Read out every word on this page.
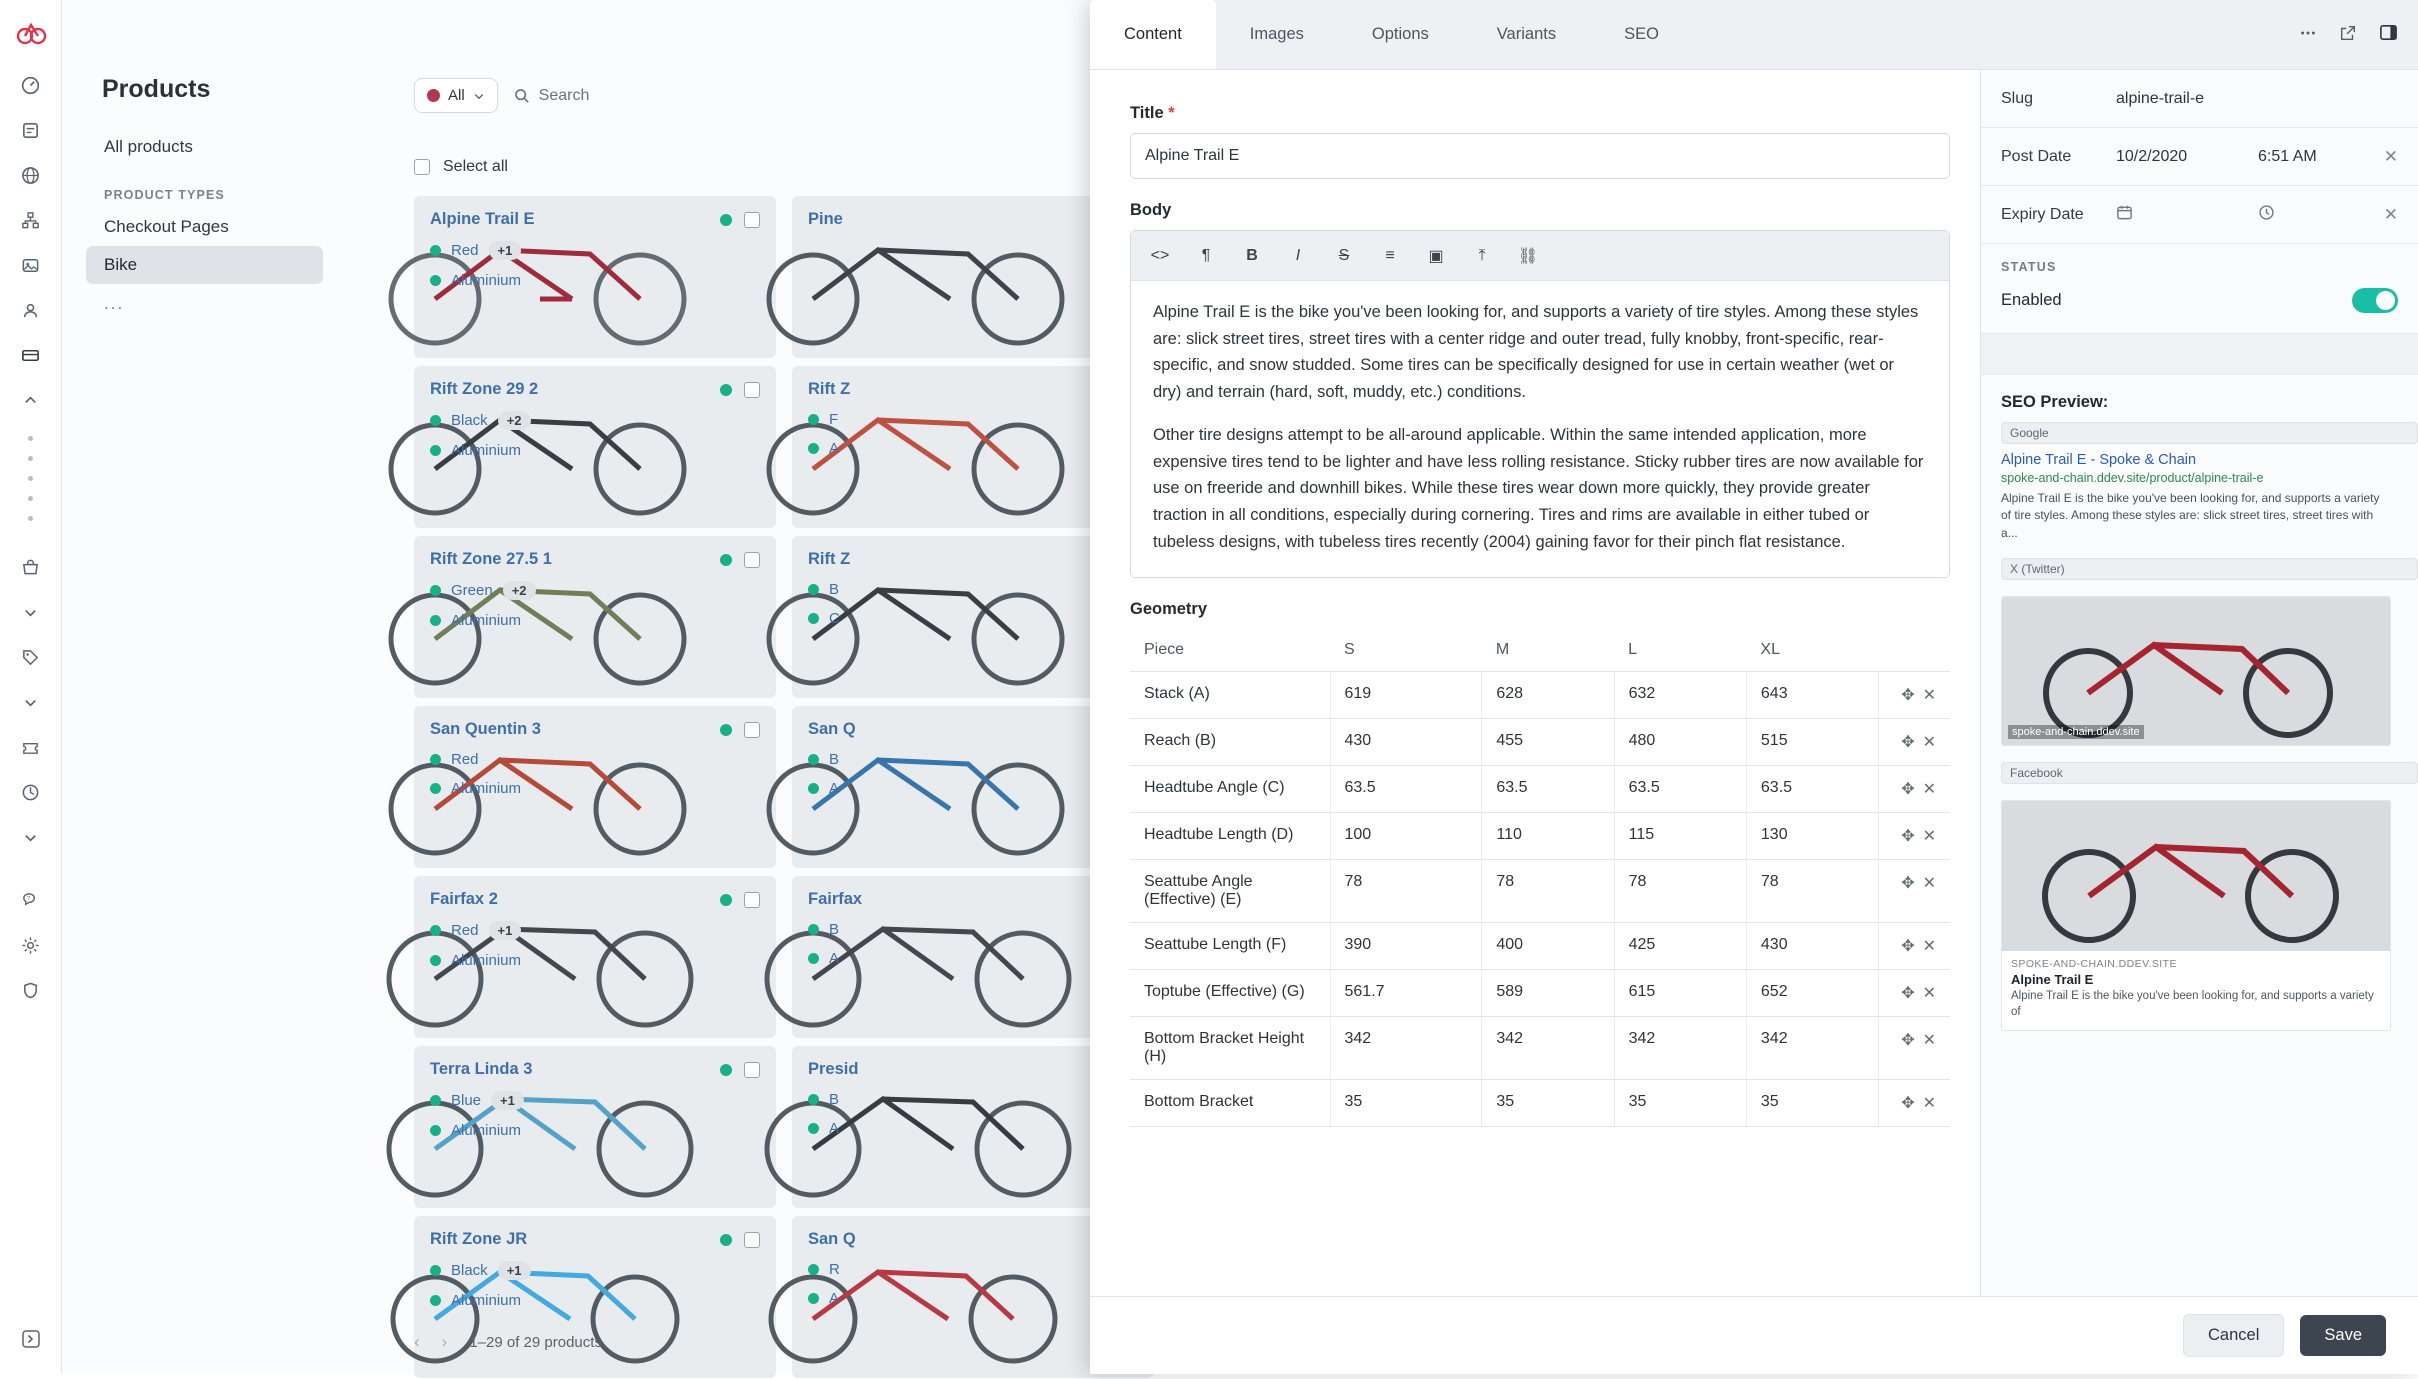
?
Products
All products
PRODUCT TYPES
Checkout Pages
Bike
...
All	Search
Select all
Alpine Trail E
Red	+1
Aluminium
Rift Zone 29 2
Black	+2
Aluminium
Rift Zone 27.5 1
Green	+2
Aluminium
San Quentin 3
Red
Aluminium
Fairfax 2
Red	+1
Aluminium
Terra Linda 3
Blue	+1
Aluminium
Rift Zone JR
Black	+1
Aluminium
Pine
Rift Z
F
A
Rift Z
B
C
San Q
B
A
Fairfax
B
A
Presid
B
A
San Q
R
A
‹ › 1–29 of 29 products
Content	Images	Options	Variants	SEO
Title *
Alpine Trail E
Body
<>	¶	B	I	S	≡	▣	⤒	⛓

Alpine Trail E is the bike you've been looking for, and supports a variety of tire styles. Among these styles are: slick street tires, street tires with a center ridge and outer tread, fully knobby, front-specific, rear-specific, and snow studded. Some tires can be specifically designed for use in certain weather (wet or dry) and terrain (hard, soft, muddy, etc.) conditions.

Other tire designs attempt to be all-around applicable. Within the same intended application, more expensive tires tend to be lighter and have less rolling resistance. Sticky rubber tires are now available for use on freeride and downhill bikes. While these tires wear down more quickly, they provide greater traction in all conditions, especially during cornering. Tires and rims are available in either tubed or tubeless designs, with tubeless tires recently (2004) gaining favor for their pinch flat resistance.

Geometry
Piece	S	M	L	XL	
Stack (A)	619	628	632	643	✥ ✕
Reach (B)	430	455	480	515	✥ ✕
Headtube Angle (C)	63.5	63.5	63.5	63.5	✥ ✕
Headtube Length (D)	100	110	115	130	✥ ✕
Seattube Angle (Effective) (E)	78	78	78	78	✥ ✕
Seattube Length (F)	390	400	425	430	✥ ✕
Toptube (Effective) (G)	561.7	589	615	652	✥ ✕
Bottom Bracket Height (H)	342	342	342	342	✥ ✕
Bottom Bracket	35	35	35	35	✥ ✕
Slug	alpine-trail-e
Post Date	10/2/2020	6:51 AM	✕
Expiry Date	✕
STATUS
Enabled
SEO Preview:
Google
Alpine Trail E - Spoke & Chain
spoke-and-chain.ddev.site/product/alpine-trail-e
Alpine Trail E is the bike you've been looking for, and supports a variety of tire styles. Among these styles are: slick street tires, street tires with a...
X (Twitter)
spoke-and-chain.ddev.site
Facebook
SPOKE-AND-CHAIN.DDEV.SITE
Alpine Trail E
Alpine Trail E is the bike you've been looking for, and supports a variety of
Cancel	Save
